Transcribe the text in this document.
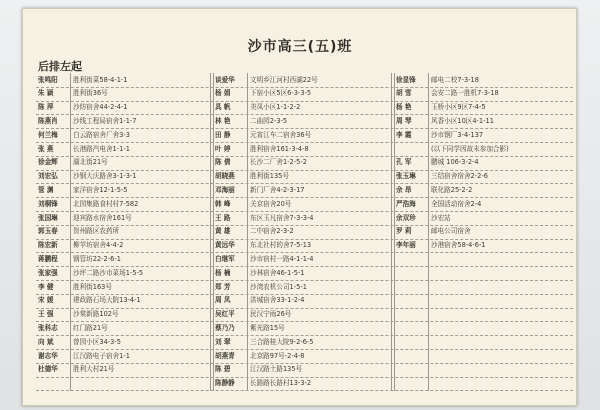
沙市高三(五)班
后排左起
张鸣阳	胜利街菜58-4-1-1
朱 颖	胜利街36号
陈 萍	沙纺宿舍44-2-4-1
陈燕肖	沙线工程局宿舍1-1-7
何兰梅	白云路宿舍厂舍3-3
张 燕	长港路汽电舍1-1-1
徐金辉	湖北街21号
刘宏弘	沙钢大庆路舍3-1-3-1
管 渊	家洋宿舍12-1-5-5
刘桐锋	北园集路食村村7-582
张国琳	迎宾路水宿舍161号
郭玉春	贺州路区农药所
陈宏新	柳苹坊宿舍4-4-2
蒋鹏程	钢管坊22-2-6-1
张家强	沙坪二路沙市菜场1-5-5
李 健	胜利街163号
宋 媛	建政路石场大院13-4-1
王 强	沙棠新路102号
张科志	红门路21号
向 斌	曾园小区34-3-5
谢志华	江汉路电子宿舍1-1
杜德华	胜利大村21号
谈爱华	文明乡江河村西湖22号
杨 娟	下宿小区5区6-3-3-5
具 帆	美凤小区1-1-2-2
林 艳	二曲园2-3-5
田 静	元宵江车二宿舍36号
叶 婷	胜利宿舍161-3-4-8
陈 倩	长沙二厂舍1-2-5-2
胡晓燕	胜利街135号
邓海丽	新门厂舍4-2-3-17
韩 峰	关京宿舍20号
王 路	东区玉凡宿舍7-3-3-4
黄 雄	二中宿舍2-3-2
黄远华	东北社村的舍7-5-13
白继军	沙市宿村一路4-1-1-4
杨 楠	沙林宿舍46-1-5-1
郑 芳	沙湾农机公司1-5-1
周 凤	洪城宿舍33-1-2-4
吴红平	民汉宁雨26号
蔡乃乃	紫光路15号
刘 翠	三合路桂大院9-2-6-5
胡燕青	北京路97号-2-4-8
陈 碧	江汉路土路135号
陈静静	长路路长路村13-3-2
徐显锋	邮电二校7-3-18
胡 雪	会安二路一胜机7-3-18
杨 艳	玉桥小区9区7-4-5
周 琴	风香小区10区4-1-11
李 霞	沙市钢厂3-4-137
(以下同学因故未参加合影)
孔 军	鹏城 106-3-2-4
张玉琳	三结宿舍宿舍2-2-6
余 昂	联化路25-2-2
严浩海	全国活动宿舍2-4
余双珍	沙宏站
罗 莉	邮电公司宿舍
李年丽	沙港宿舍58-4-6-1
